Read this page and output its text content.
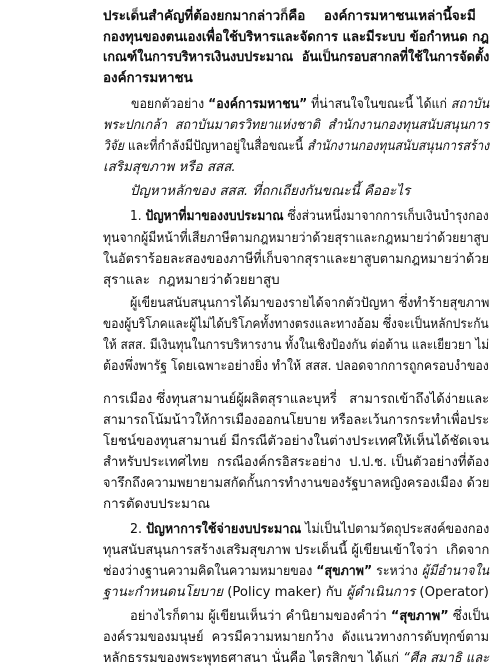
ประเด็นสำคัญที่ต้องยกมากล่าวก็คือ    องค์การมหาชนเหล่านี้จะมี
กองทุนของตนเองเพื่อใช้บริหารและจัดการ และมีระบบ ข้อกำหนด กฎ
เกณฑ์ในการบริหารเงินงบประมาณ  อันเป็นกรอบสากลที่ใช้ในการจัดตั้ง
องค์การมหาชน
ขอยกตัวอย่าง “องค์การมหาชน” ที่น่าสนใจในขณะนี้ ได้แก่ สถาบัน
พระปกเกล้า  สถาบันมาตรวิทยาแห่งชาติ  สำนักงานกองทุนสนับสนุนการ
วิจัย และที่กำลังมีปัญหาอยู่ในสื่อขณะนี้ สำนักงานกองทุนสนับสนุนการสร้าง
เสริมสุขภาพ หรือ สสส.
ปัญหาหลักของ สสส. ที่ถกเถียงกันขณะนี้ คืออะไร
1. ปัญหาที่มาของงบประมาณ ซึ่งส่วนหนึ่งมาจากการเก็บเงินบำรุงกอง
ทุนจากผู้มีหน้าที่เสียภาษีตามกฎหมายว่าด้วยสุราและกฎหมายว่าด้วยยาสูบ
ในอัตราร้อยละสองของภาษีที่เก็บจากสุราและยาสูบตามกฎหมายว่าด้วย
สุราและ  กฎหมายว่าด้วยยาสูบ
ผู้เขียนสนับสนุนการได้มาของรายได้จากตัวปัญหา ซึ่งทำร้ายสุขภาพ
ของผู้บริโภคและผู้ไม่ได้บริโภคทั้งทางตรงและทางอ้อม ซึ่งจะเป็นหลักประกัน
ให้ สสส. มีเงินทุนในการบริหารงาน ทั้งในเชิงป้องกัน ต่อต้าน และเยียวยา ไม่
ต้องพึ่งพารัฐ โดยเฉพาะอย่างยิ่ง ทำให้ สสส. ปลอดจากการถูกครอบงำของ
การเมือง ซึ่งทุนสามานย์ผู้ผลิตสุราและบุหรี่   สามารถเข้าถึงได้ง่ายและ
สามารถโน้มน้าวให้การเมืองออกนโยบาย หรือละเว้นการกระทำเพื่อประ
โยชน์ของทุนสามานย์ มีกรณีตัวอย่างในต่างประเทศให้เห็นได้ชัดเจน
สำหรับประเทศไทย  กรณีองค์กรอิสระอย่าง  ป.ป.ช. เป็นตัวอย่างที่ต้อง
จารึกถึงความพยายามสกัดกั้นการทำงานของรัฐบาลหญิงครองเมือง ด้วย
การตัดงบประมาณ
2. ปัญหาการใช้จ่ายงบประมาณ ไม่เป็นไปตามวัตถุประสงค์ของกอง
ทุนสนับสนุนการสร้างเสริมสุขภาพ ประเด็นนี้ ผู้เขียนเข้าใจว่า  เกิดจาก
ช่องว่างฐานความคิดในความหมายของ “สุขภาพ” ระหว่าง ผู้มีอำนาจใน
ฐานะกำหนดนโยบาย (Policy maker) กับ ผู้ดำเนินการ (Operator)
อย่างไรก็ตาม ผู้เขียนเห็นว่า คำนิยามของคำว่า “สุขภาพ” ซึ่งเป็น
องค์รวมของมนุษย์  ควรมีความหมายกว้าง  ดังแนวทางการดับทุกข์ตาม
หลักธรรมของพระพุทธศาสนา นั่นคือ ไตรสิกขา ได้แก่ “ศีล สมาธิ และ
